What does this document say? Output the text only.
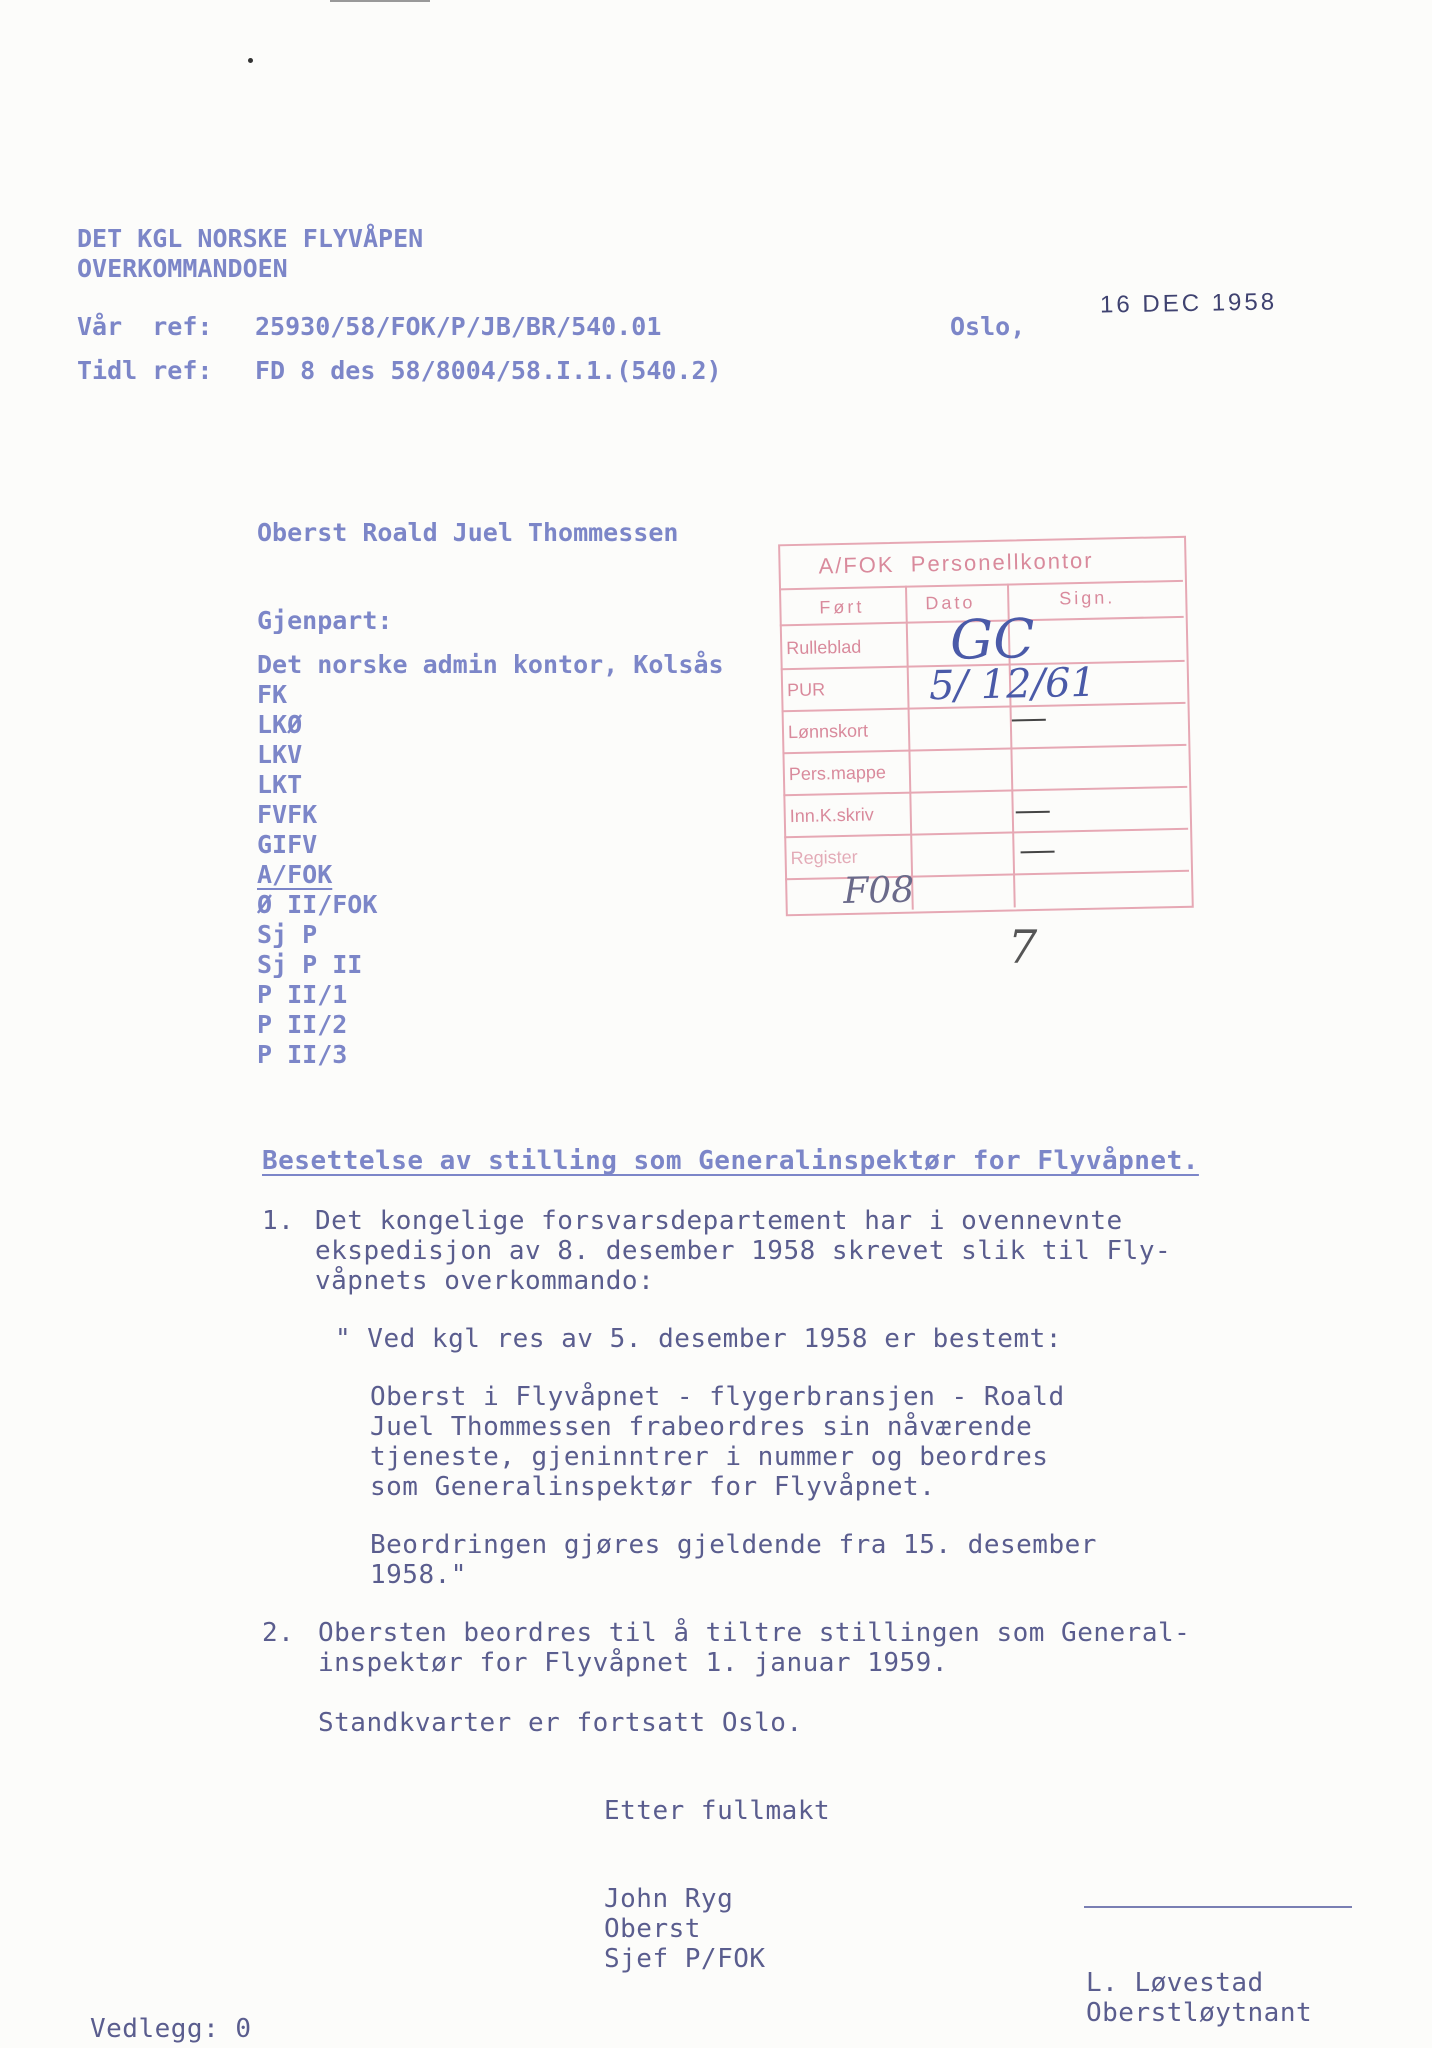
DET KGL NORSKE FLYVÅPEN
OVERKOMMANDOEN
Vår  ref: 25930/58/FOK/P/JB/BR/540.01
Tidl ref: FD 8 des 58/8004/58.I.1.(540.2)
Oslo,
16 DEC 1958
Oberst Roald Juel Thommessen
Gjenpart:
Det norske admin kontor, Kolsås
FK
LKØ
LKV
LKT
FVFK
GIFV
A/FOK
Ø II/FOK
Sj P
Sj P II
P II/1
P II/2
P II/3
A/FOK  Personellkontor
Ført	Dato	Sign.
Rulleblad
PUR
Lønnskort
Pers.mappe
Inn.K.skriv
Register
GC
5/ 12/61
F08
7
Besettelse av stilling som Generalinspektør for Flyvåpnet.
1. Det kongelige forsvarsdepartement har i ovennevnte
ekspedisjon av 8. desember 1958 skrevet slik til Fly-
våpnets overkommando:
" Ved kgl res av 5. desember 1958 er bestemt:
Oberst i Flyvåpnet - flygerbransjen - Roald
Juel Thommessen frabeordres sin nåværende
tjeneste, gjeninntrer i nummer og beordres
som Generalinspektør for Flyvåpnet.
Beordringen gjøres gjeldende fra 15. desember
1958."
2. Obersten beordres til å tiltre stillingen som General-
inspektør for Flyvåpnet 1. januar 1959.
Standkvarter er fortsatt Oslo.
Etter fullmakt
John Ryg
Oberst
Sjef P/FOK
L. Løvestad
Oberstløytnant
Vedlegg: 0
